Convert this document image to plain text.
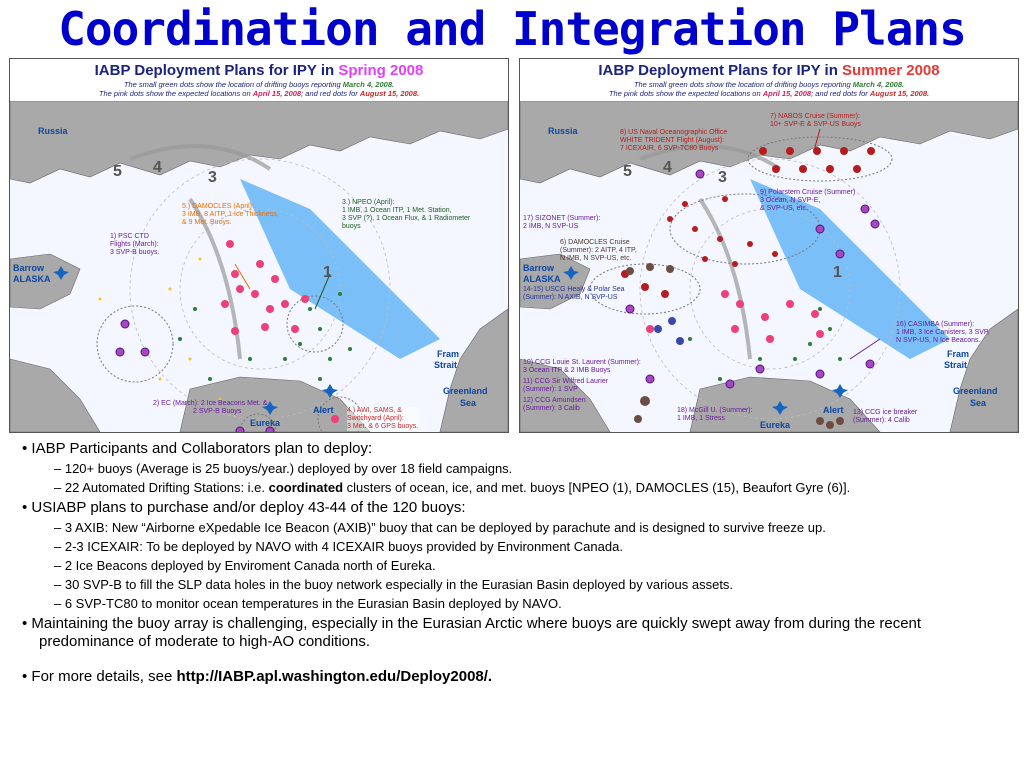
Coordination and Integration Plans
IABP Deployment Plans for IPY in Spring 2008
The small green dots show the location of drifting buoys reporting March 4, 2008.
The pink dots show the expected locations on April 15, 2008; and red dots for August 15, 2008.
Russia
Barrow
ALASKA
Fram
Strait
Greenland
Sea
Eureka
Alert
5 4
3
1
1) PSC CTD
Flights (March):
3 SVP-B buoys.
5.) DAMOCLES (April):
3 IMB, 8 AITP, 1 Ice Thickness,
& 9 Met. Buoys.
3.) NPEO (April):
1 IMB, 1 Ocean ITP, 1 Met. Station,
3 SVP (?), 1 Ocean Flux, & 1 Radiometer
buoys
2) EC (March): 2 Ice Beacons Met. &
2 SVP-B Buoys	4.) AWI, SAMS, &
Switchyard (April):
3 Met. & 6 GPS buoys.
IABP Deployment Plans for IPY in Summer 2008
The small green dots show the location of drifting buoys reporting March 4, 2008.
The pink dots show the expected locations on April 15, 2008; and red dots for August 15, 2008.
Russia
Barrow
ALASKA
Fram
Strait
Greenland
Sea
Eureka
Alert
5 4
3
1
7) NABOS Cruise (Summer):
10+ SVP-E & SVP-US Buoys
8) US Naval Oceanographic Office
WHITE TRIDENT Flight (August):
7 ICEXAIR, 6 SVP-TC80 Buoys
9) Polarstern Cruise (Summer)
3 Ocean, N SVP-E,
& SVP-US, etc.
17) SIZONET (Summer):
2 IMB, N SVP-US
6) DAMOCLES Cruise
(Summer): 2 AITP, 4 ITP,
N IMB, N SVP-US, etc.
14-15) USCG Healy & Polar Sea
(Summer): N AXIB, N SVP-US
16) CASIMBA (Summer):
1 IMB, 3 Ice Canisters, 3 SVP,
N SVP-US, N Ice Beacons.
10) CCG Louie St. Laurent (Summer):
3 Ocean ITP & 2 IMB Buoys
11) CCG Sir Wilfred Laurier
(Summer): 1 SVP
12) CCG Amundsen
(Summer): 3 Calib	18) McGill U. (Summer):
1 IMB, 1 Stress
13) CCG ice breaker
(Summer): 4 Calib
• IABP Participants and Collaborators plan to deploy:
– 120+ buoys (Average is 25 buoys/year.) deployed by over 18 field campaigns.
– 22 Automated Drifting Stations: i.e. coordinated clusters of ocean, ice, and met. buoys [NPEO (1), DAMOCLES (15), Beaufort Gyre (6)].
• USIABP plans to purchase and/or deploy 43-44 of the 120 buoys:
– 3 AXIB: New “Airborne eXpedable Ice Beacon (AXIB)” buoy that can be deployed by parachute and is designed to survive freeze up.
– 2-3 ICEXAIR: To be deployed by NAVO with 4 ICEXAIR buoys provided by Environment Canada.
– 2 Ice Beacons deployed by Enviroment Canada north of Eureka.
– 30 SVP-B to fill the SLP data holes in the buoy network especially in the Eurasian Basin deployed by various assets.
– 6 SVP-TC80 to monitor ocean temperatures in the Eurasian Basin deployed by NAVO.
• Maintaining the buoy array is challenging, especially in the Eurasian Arctic where buoys are quickly swept away from during the recent predominance of moderate to high-AO conditions.
• For more details, see http://IABP.apl.washington.edu/Deploy2008/.
